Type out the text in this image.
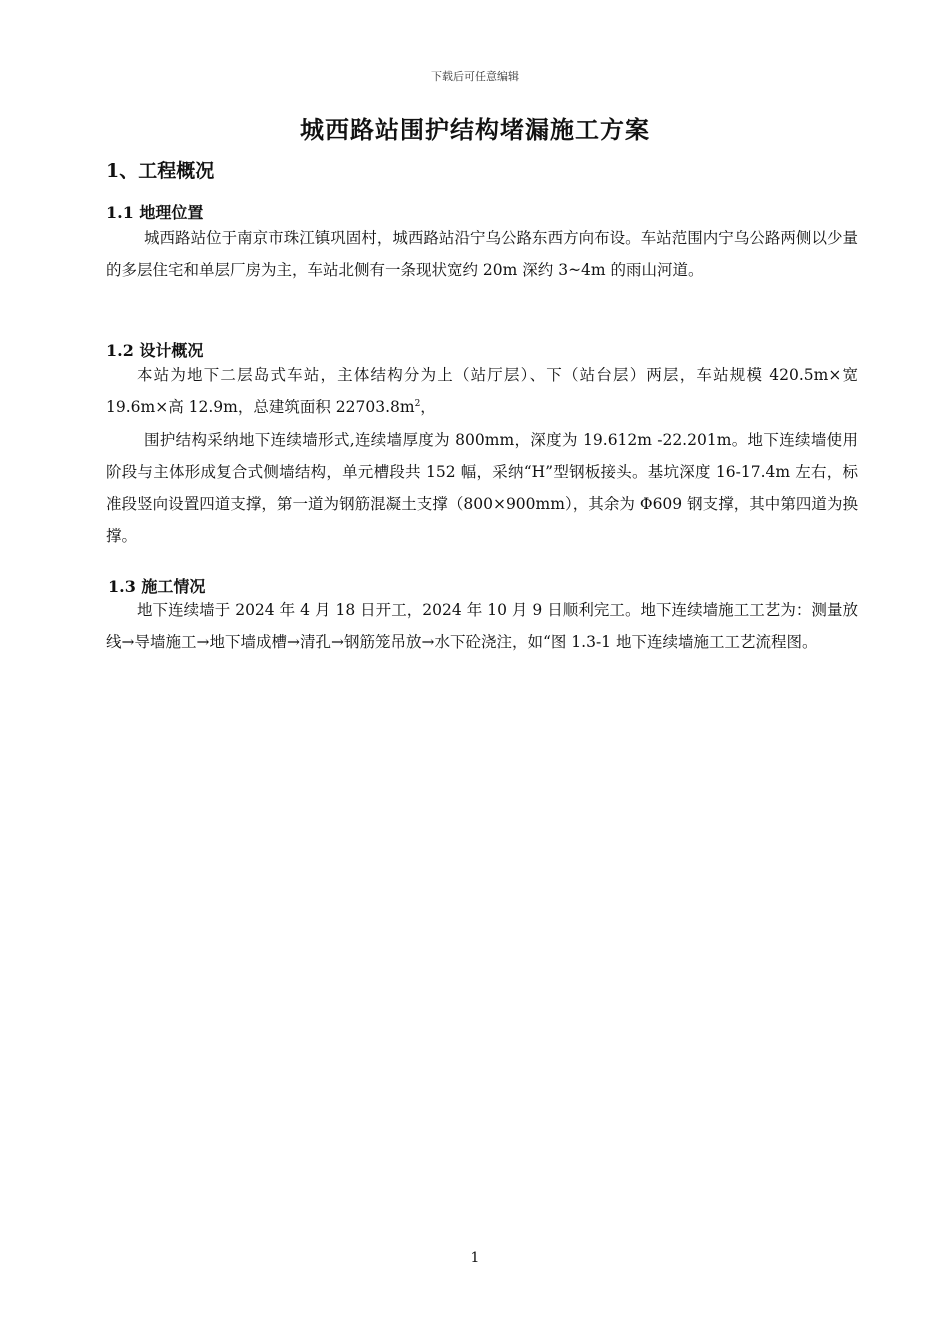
下载后可任意编辑
城西路站围护结构堵漏施工方案
1、工程概况
1.1 地理位置
城西路站位于南京市珠江镇巩固村，城西路站沿宁乌公路东西方向布设。车站范围内宁乌公路两侧以少量的多层住宅和单层厂房为主，车站北侧有一条现状宽约 20m 深约 3~4m 的雨山河道。
1.2 设计概况
本站为地下二层岛式车站，主体结构分为上（站厅层）、下（站台层）两层，车站规模 420.5m×宽 19.6m×高 12.9m，总建筑面积 $22703.8m^2$，
围护结构采纳地下连续墙形式,连续墙厚度为 800mm，深度为 19.612m -22.201m。地下连续墙使用阶段与主体形成复合式侧墙结构，单元槽段共 152 幅，采纳“H”型钢板接头。基坑深度 16-17.4m 左右，标准段竖向设置四道支撑，第一道为钢筋混凝土支撑（800×900mm），其余为 Φ609 钢支撑，其中第四道为换撑。
1.3 施工情况
地下连续墙于 2024 年 4 月 18 日开工，2024 年 10 月 9 日顺利完工。地下连续墙施工工艺为：测量放线→导墙施工→地下墙成槽→清孔→钢筋笼吊放→水下砼浇注，如“图 1.3-1 地下连续墙施工工艺流程图。
1
